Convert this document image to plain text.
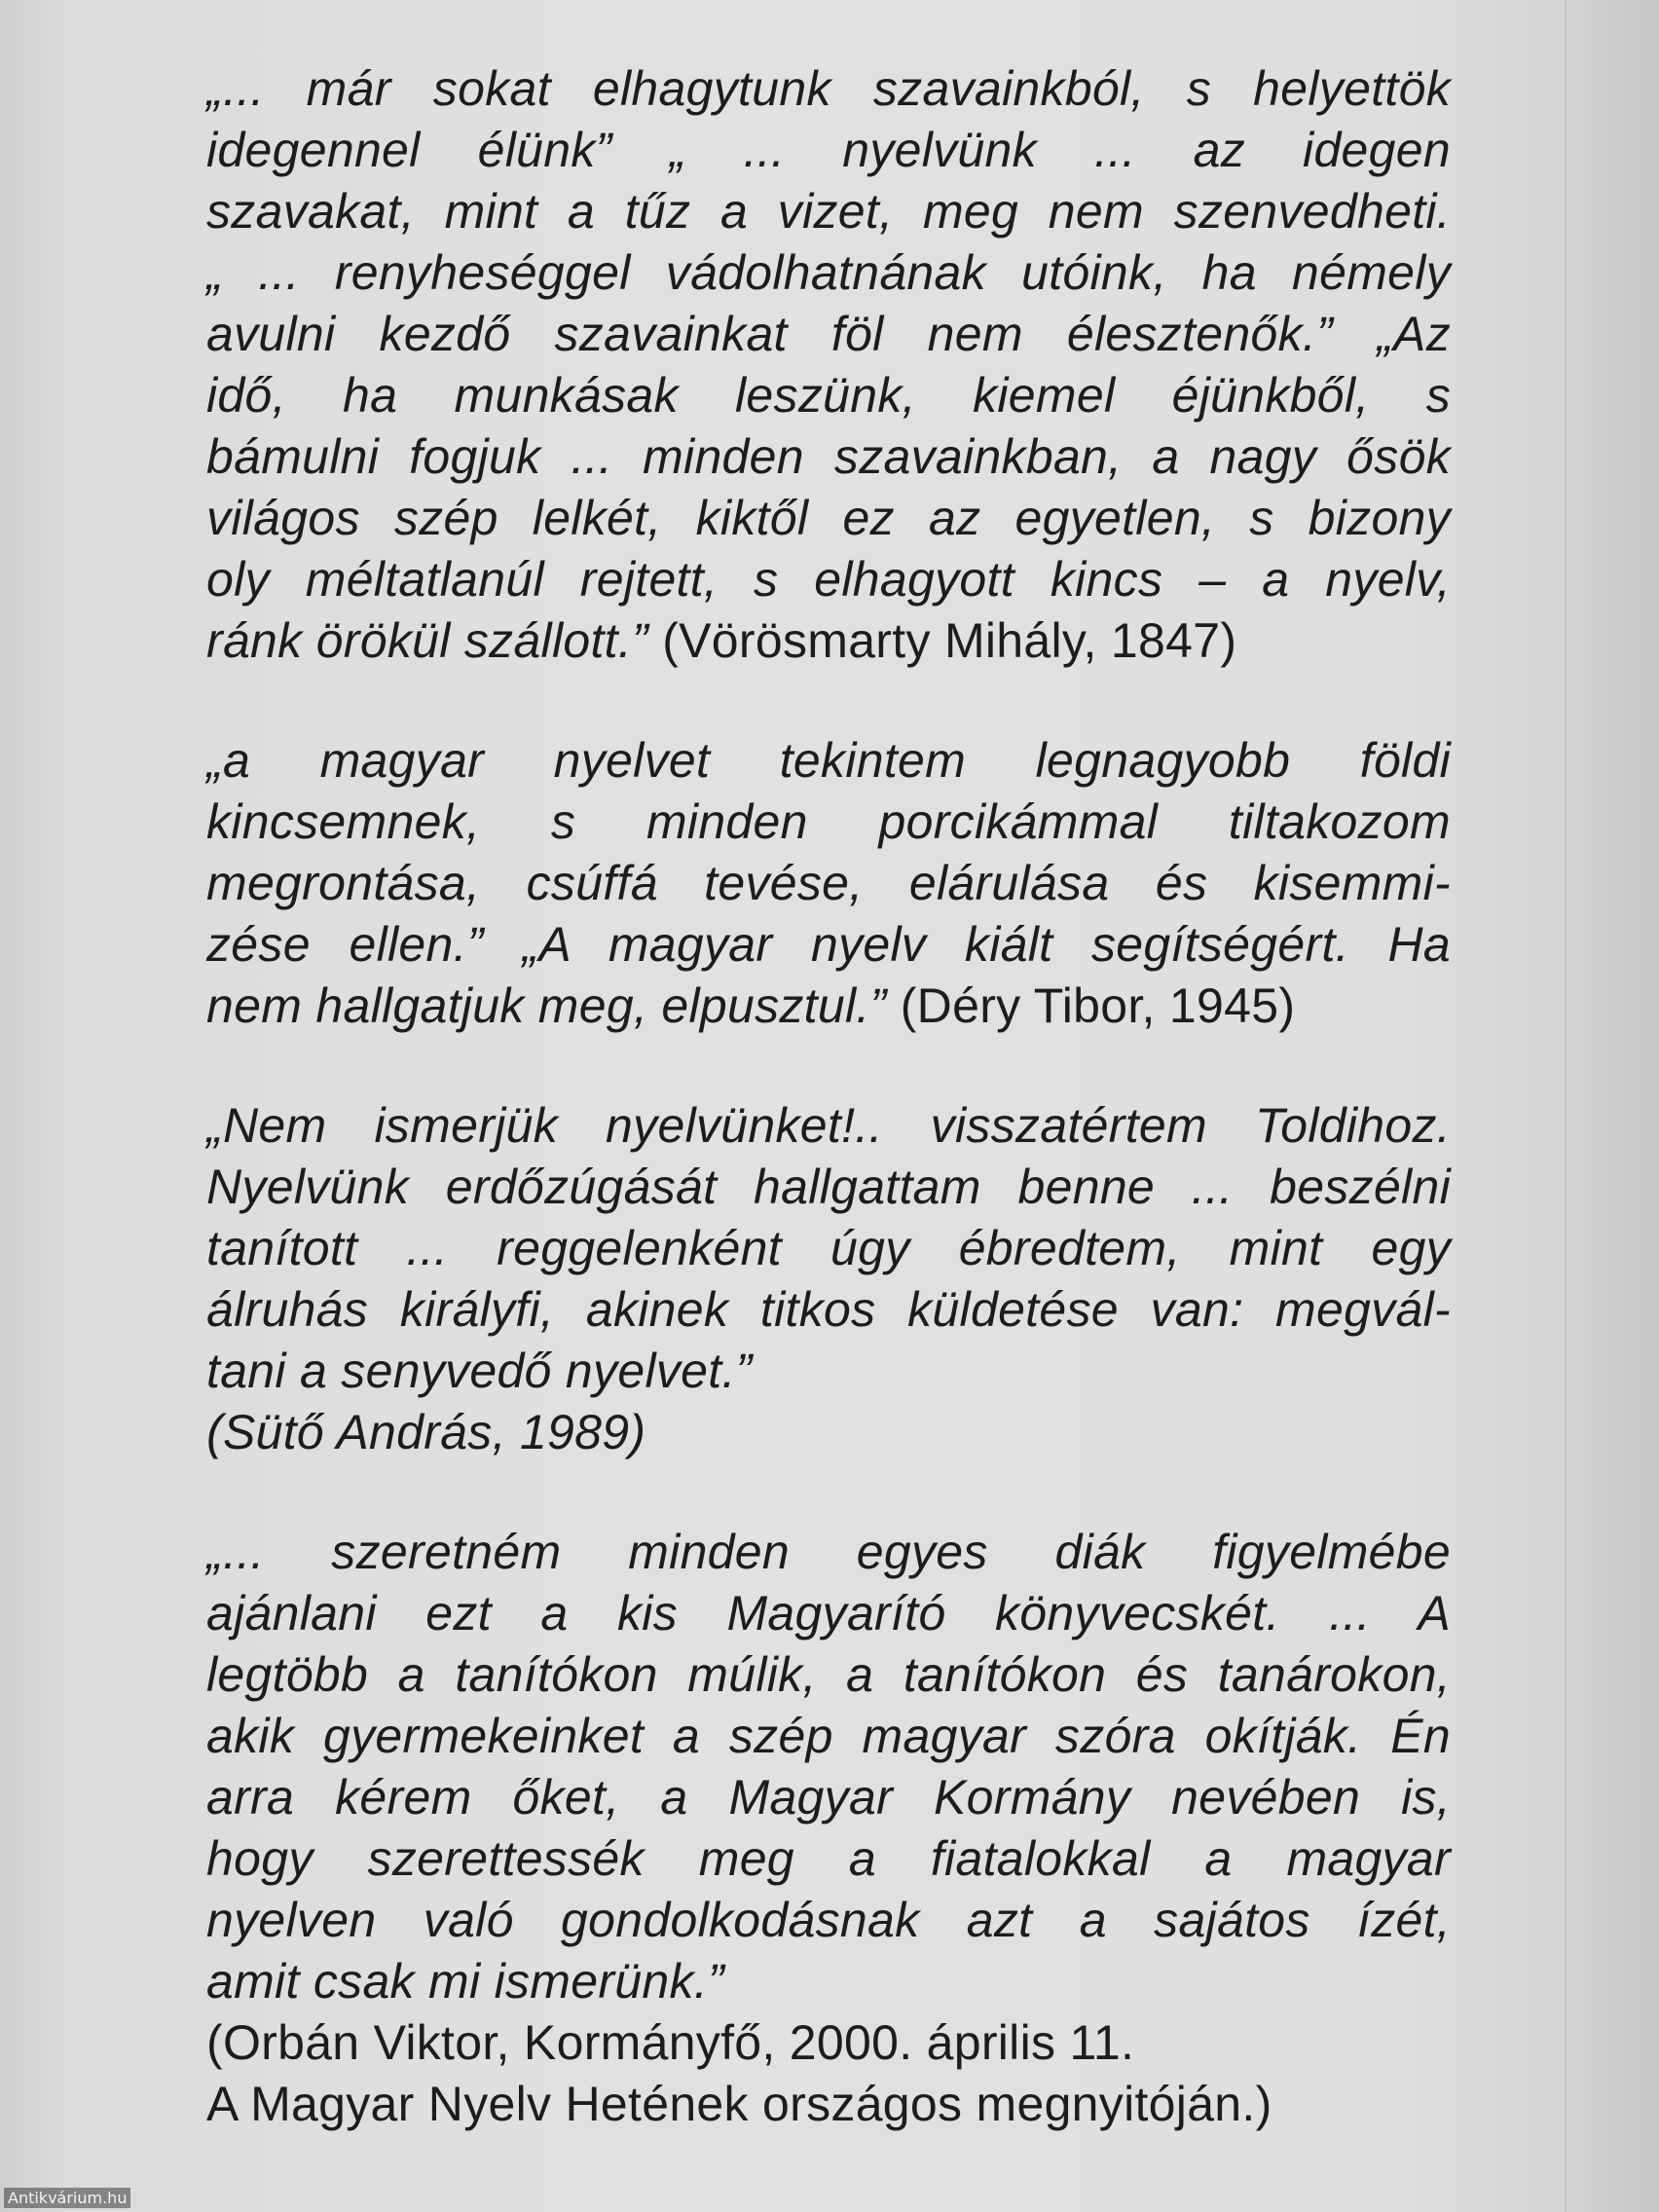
„... már sokat elhagytunk szavainkból, s helyettök
idegennel élünk” „ ... nyelvünk ... az idegen
szavakat, mint a tűz a vizet, meg nem szenvedheti.
„ ... renyheséggel vádolhatnának utóink, ha némely
avulni kezdő szavainkat föl nem élesztenők.” „Az
idő, ha munkásak leszünk, kiemel éjünkből, s
bámulni fogjuk ... minden szavainkban, a nagy ősök
világos szép lelkét, kiktől ez az egyetlen, s bizony
oly méltatlanúl rejtett, s elhagyott kincs – a nyelv,
ránk örökül szállott.” (Vörösmarty Mihály, 1847)
„a magyar nyelvet tekintem legnagyobb földi
kincsemnek, s minden porcikámmal tiltakozom
megrontása, csúffá tevése, elárulása és kisemmi-
zése ellen.” „A magyar nyelv kiált segítségért. Ha
nem hallgatjuk meg, elpusztul.” (Déry Tibor, 1945)
„Nem ismerjük nyelvünket!.. visszatértem Toldihoz.
Nyelvünk erdőzúgását hallgattam benne ... beszélni
tanított ... reggelenként úgy ébredtem, mint egy
álruhás királyfi, akinek titkos küldetése van: megvál-
tani a senyvedő nyelvet.”
(Sütő András, 1989)
„... szeretném minden egyes diák figyelmébe
ajánlani ezt a kis Magyarító könyvecskét. ... A
legtöbb a tanítókon múlik, a tanítókon és tanárokon,
akik gyermekeinket a szép magyar szóra okítják. Én
arra kérem őket, a Magyar Kormány nevében is,
hogy szerettessék meg a fiatalokkal a magyar
nyelven való gondolkodásnak azt a sajátos ízét,
amit csak mi ismerünk.”
(Orbán Viktor, Kormányfő, 2000. április 11.
A Magyar Nyelv Hetének országos megnyitóján.)
Antikvárium.hu
